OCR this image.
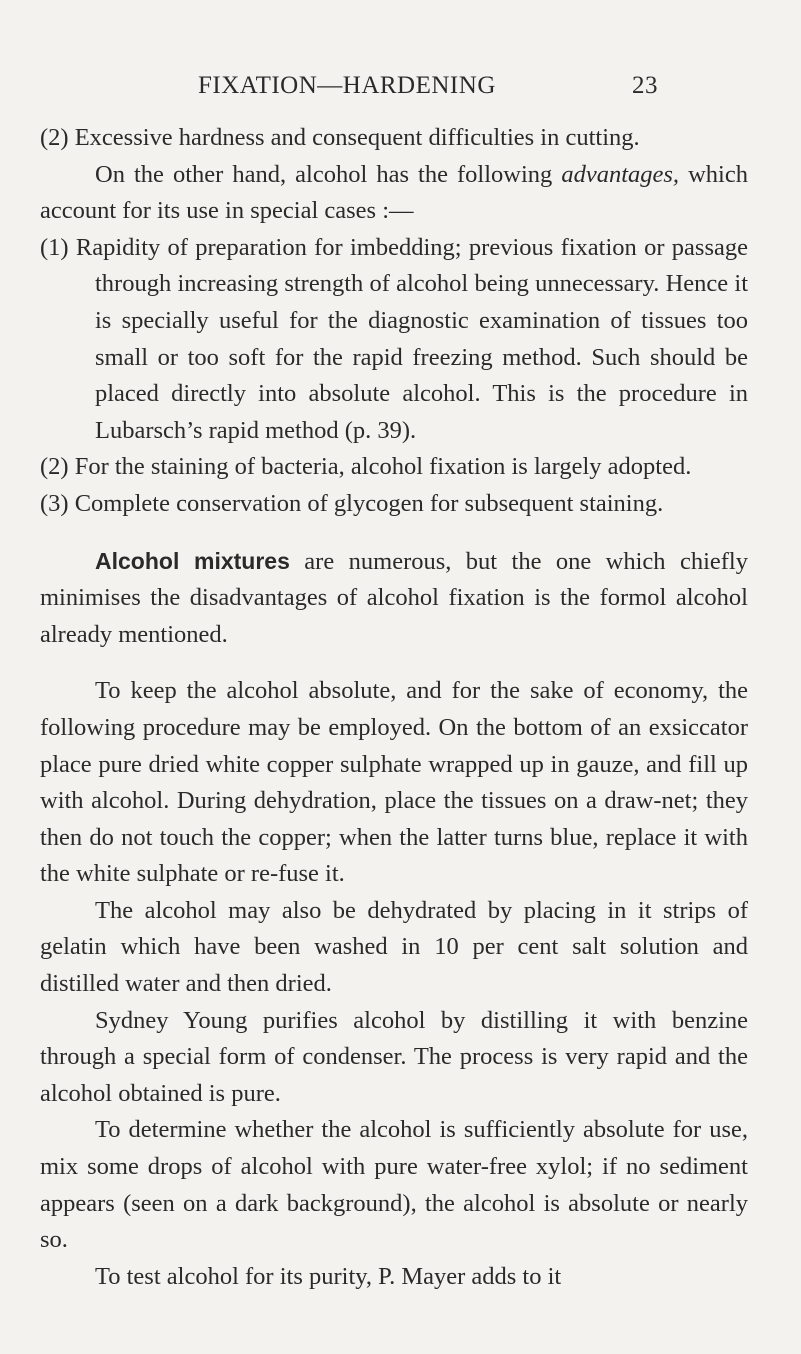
FIXATION—HARDENING	23

(2) Excessive hardness and consequent difficulties in cutting.

On the other hand, alcohol has the following advantages, which account for its use in special cases :—

(1) Rapidity of preparation for imbedding; previous fixation or passage through increasing strength of alcohol being unnecessary. Hence it is specially useful for the diagnostic examination of tissues too small or too soft for the rapid freezing method. Such should be placed directly into absolute alcohol. This is the procedure in Lubarsch’s rapid method (p. 39).

(2) For the staining of bacteria, alcohol fixation is largely adopted.

(3) Complete conservation of glycogen for subsequent staining.

Alcohol mixtures are numerous, but the one which chiefly minimises the disadvantages of alcohol fixation is the formol alcohol already mentioned.

To keep the alcohol absolute, and for the sake of economy, the following procedure may be employed. On the bottom of an exsiccator place pure dried white copper sulphate wrapped up in gauze, and fill up with alcohol. During dehydration, place the tissues on a draw-net; they then do not touch the copper; when the latter turns blue, replace it with the white sulphate or re-fuse it.

The alcohol may also be dehydrated by placing in it strips of gelatin which have been washed in 10 per cent salt solution and distilled water and then dried.

Sydney Young purifies alcohol by distilling it with benzine through a special form of condenser. The process is very rapid and the alcohol obtained is pure.

To determine whether the alcohol is sufficiently absolute for use, mix some drops of alcohol with pure water-free xylol; if no sediment appears (seen on a dark background), the alcohol is absolute or nearly so.

To test alcohol for its purity, P. Mayer adds to it
